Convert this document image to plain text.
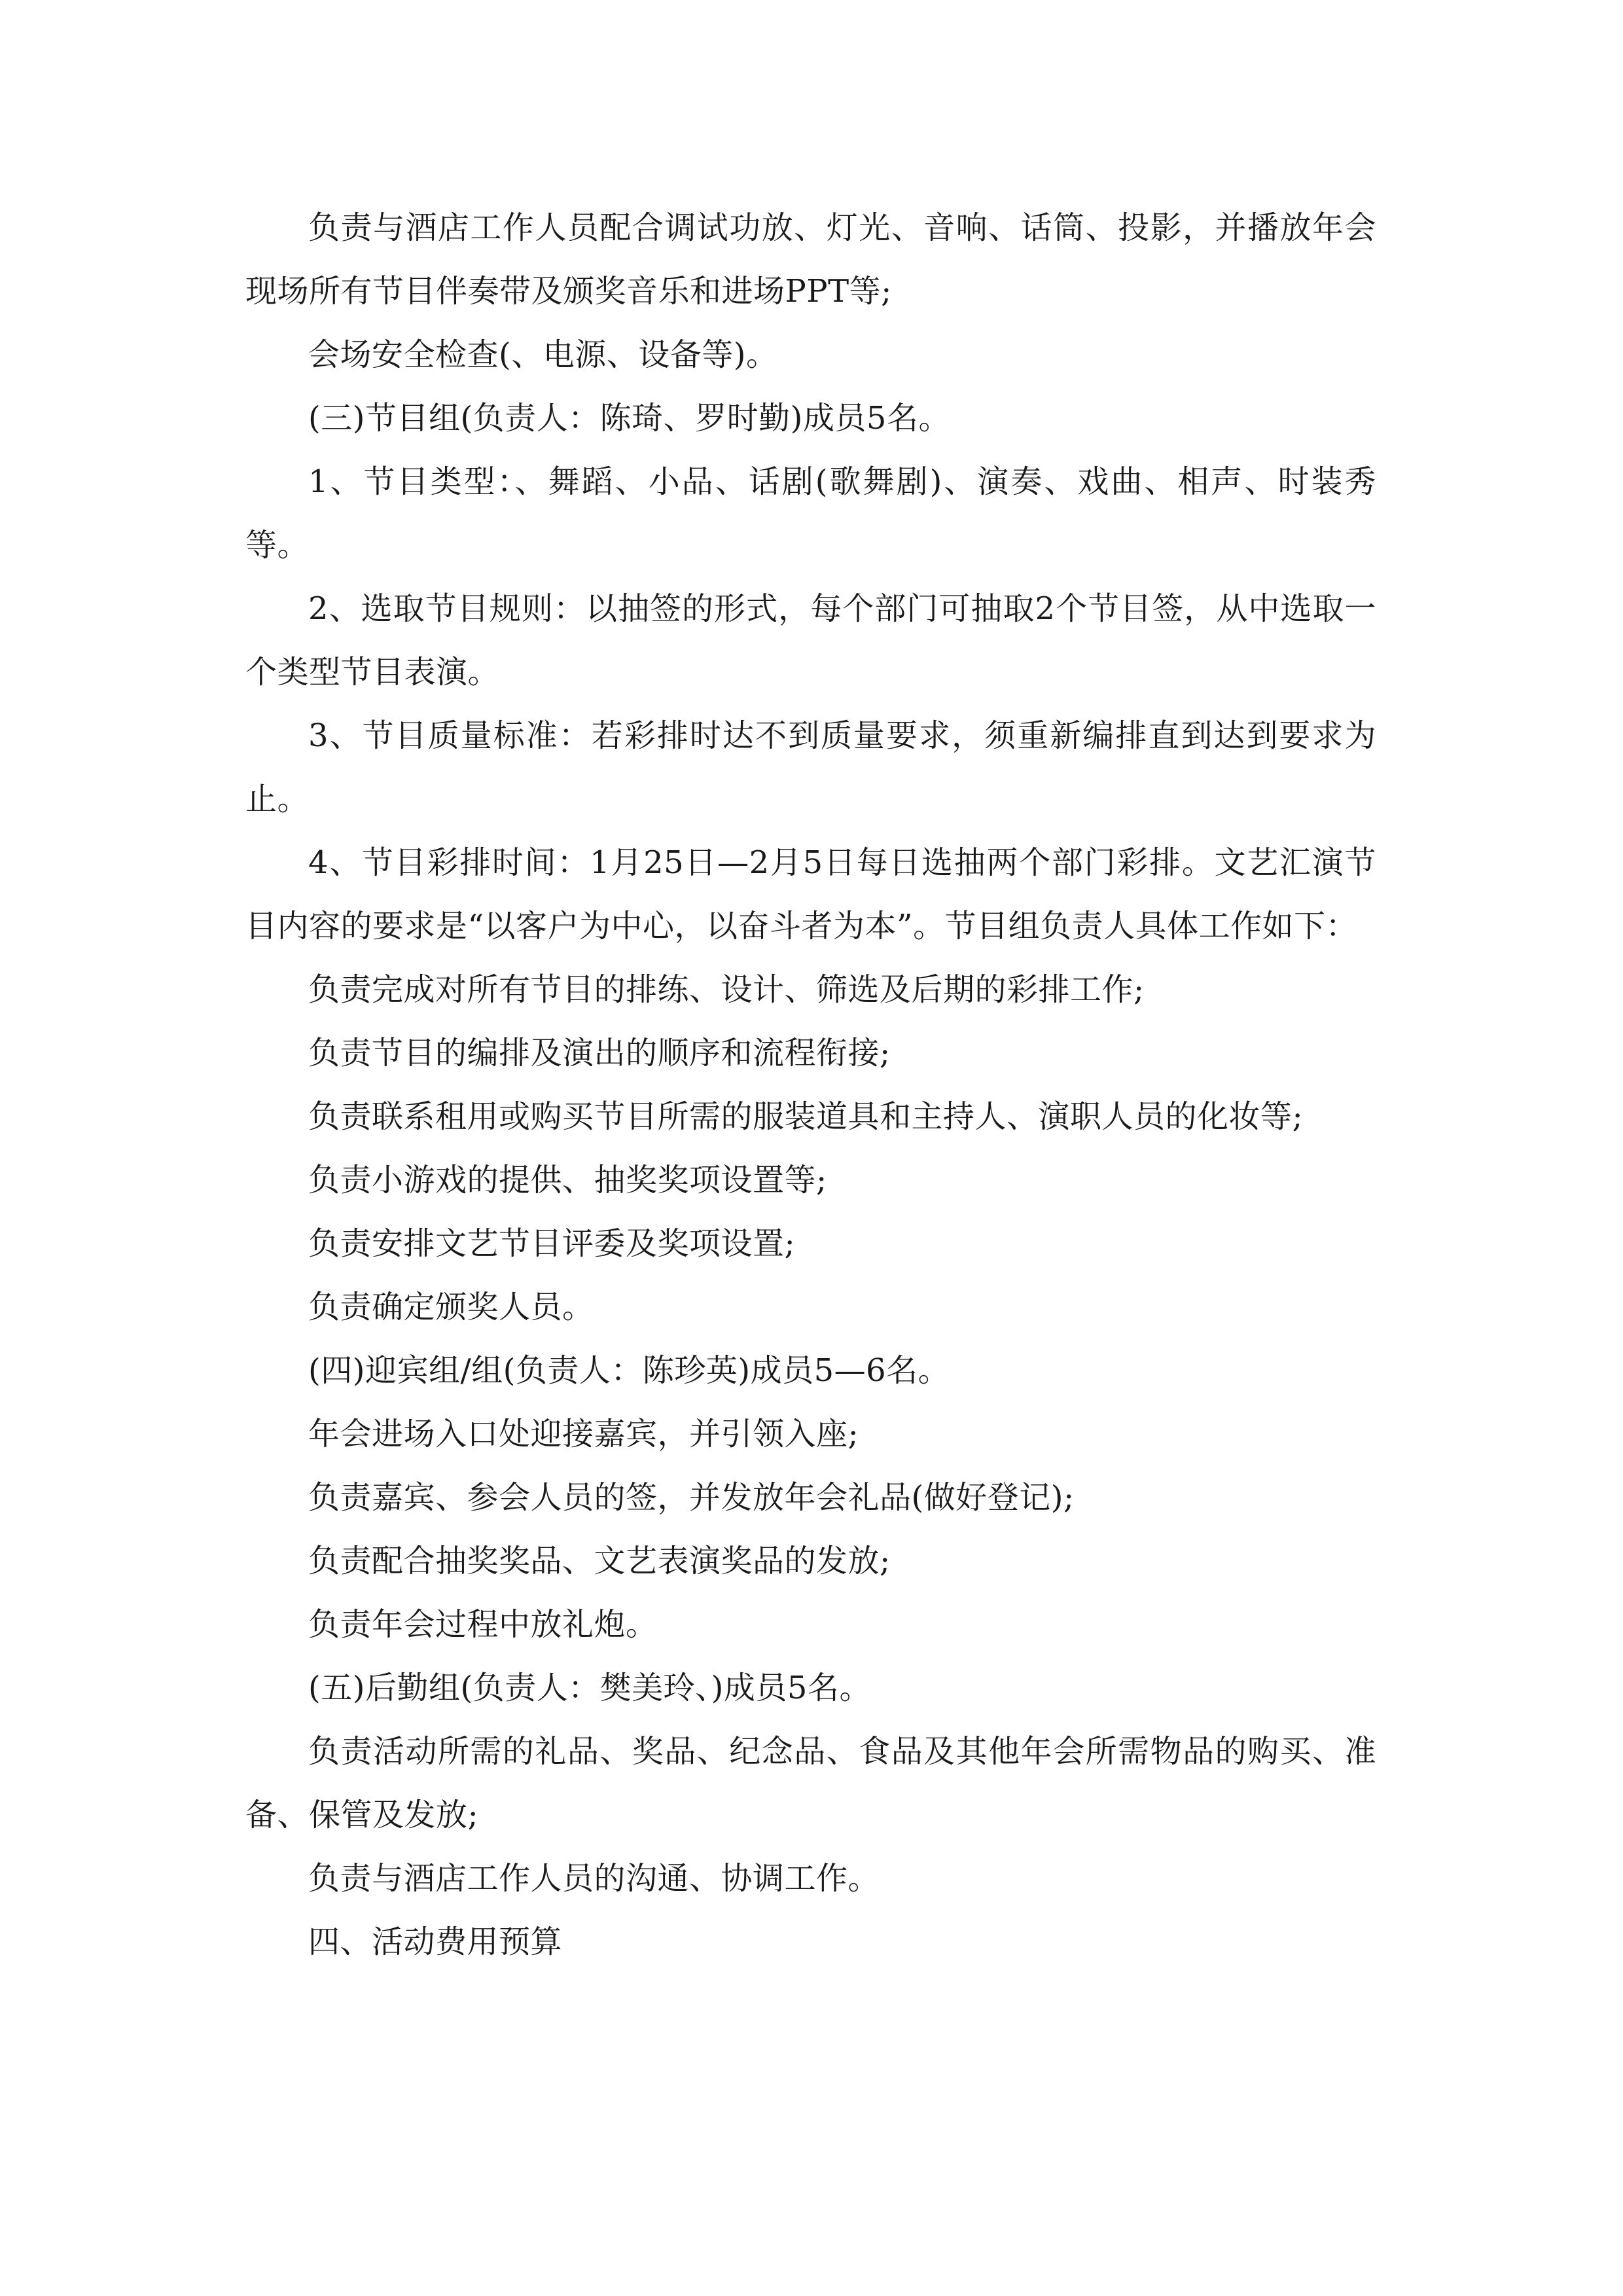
负责与酒店工作人员配合调试功放、灯光、音响、话筒、投影，并播放年会现场所有节目伴奏带及颁奖音乐和进场PPT等;

会场安全检查(、电源、设备等)。

(三)节目组(负责人：陈琦、罗时勤)成员5名。

1、节目类型：、舞蹈、小品、话剧(歌舞剧)、演奏、戏曲、相声、时装秀等。

2、选取节目规则：以抽签的形式，每个部门可抽取2个节目签，从中选取一个类型节目表演。

3、节目质量标准：若彩排时达不到质量要求，须重新编排直到达到要求为止。

4、节目彩排时间：1月25日—2月5日每日选抽两个部门彩排。文艺汇演节目内容的要求是“以客户为中心，以奋斗者为本”。节目组负责人具体工作如下：

负责完成对所有节目的排练、设计、筛选及后期的彩排工作;

负责节目的编排及演出的顺序和流程衔接;

负责联系租用或购买节目所需的服装道具和主持人、演职人员的化妆等;

负责小游戏的提供、抽奖奖项设置等;

负责安排文艺节目评委及奖项设置;

负责确定颁奖人员。

(四)迎宾组/组(负责人：陈珍英)成员5—6名。

年会进场入口处迎接嘉宾，并引领入座;

负责嘉宾、参会人员的签，并发放年会礼品(做好登记);

负责配合抽奖奖品、文艺表演奖品的发放;

负责年会过程中放礼炮。

(五)后勤组(负责人：樊美玲、)成员5名。

负责活动所需的礼品、奖品、纪念品、食品及其他年会所需物品的购买、准备、保管及发放;

负责与酒店工作人员的沟通、协调工作。

四、活动费用预算
